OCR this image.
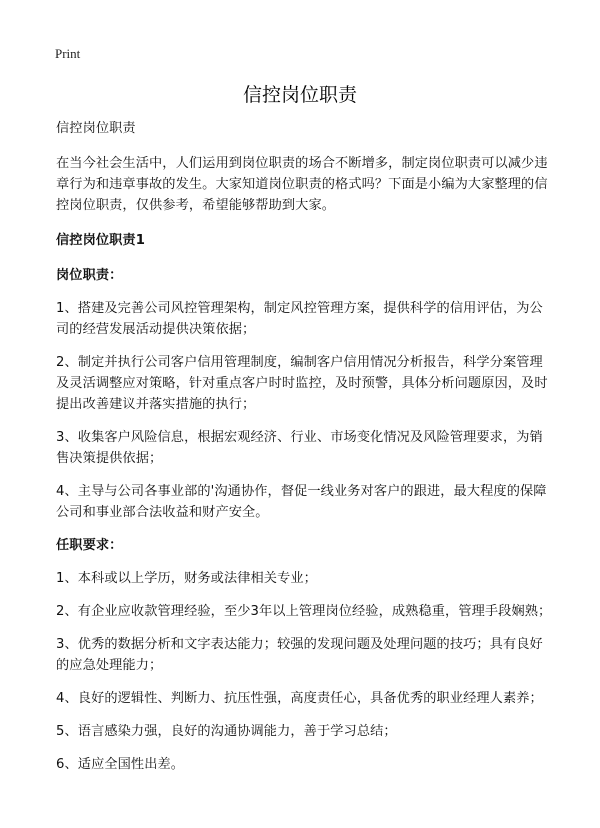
Print
信控岗位职责

信控岗位职责

在当今社会生活中，人们运用到岗位职责的场合不断增多，制定岗位职责可以减少违章行为和违章事故的发生。大家知道岗位职责的格式吗？下面是小编为大家整理的信控岗位职责，仅供参考，希望能够帮助到大家。

信控岗位职责1

岗位职责：

1、搭建及完善公司风控管理架构，制定风控管理方案，提供科学的信用评估，为公司的经营发展活动提供决策依据；

2、制定并执行公司客户信用管理制度，编制客户信用情况分析报告，科学分案管理及灵活调整应对策略，针对重点客户时时监控，及时预警，具体分析问题原因，及时提出改善建议并落实措施的执行；

3、收集客户风险信息，根据宏观经济、行业、市场变化情况及风险管理要求，为销售决策提供依据；

4、主导与公司各事业部的'沟通协作，督促一线业务对客户的跟进，最大程度的保障公司和事业部合法收益和财产安全。

任职要求：

1、本科或以上学历，财务或法律相关专业；

2、有企业应收款管理经验，至少3年以上管理岗位经验，成熟稳重，管理手段娴熟；

3、优秀的数据分析和文字表达能力；较强的发现问题及处理问题的技巧；具有良好的应急处理能力；

4、良好的逻辑性、判断力、抗压性强，高度责任心，具备优秀的职业经理人素养；

5、语言感染力强，良好的沟通协调能力，善于学习总结；

6、适应全国性出差。
